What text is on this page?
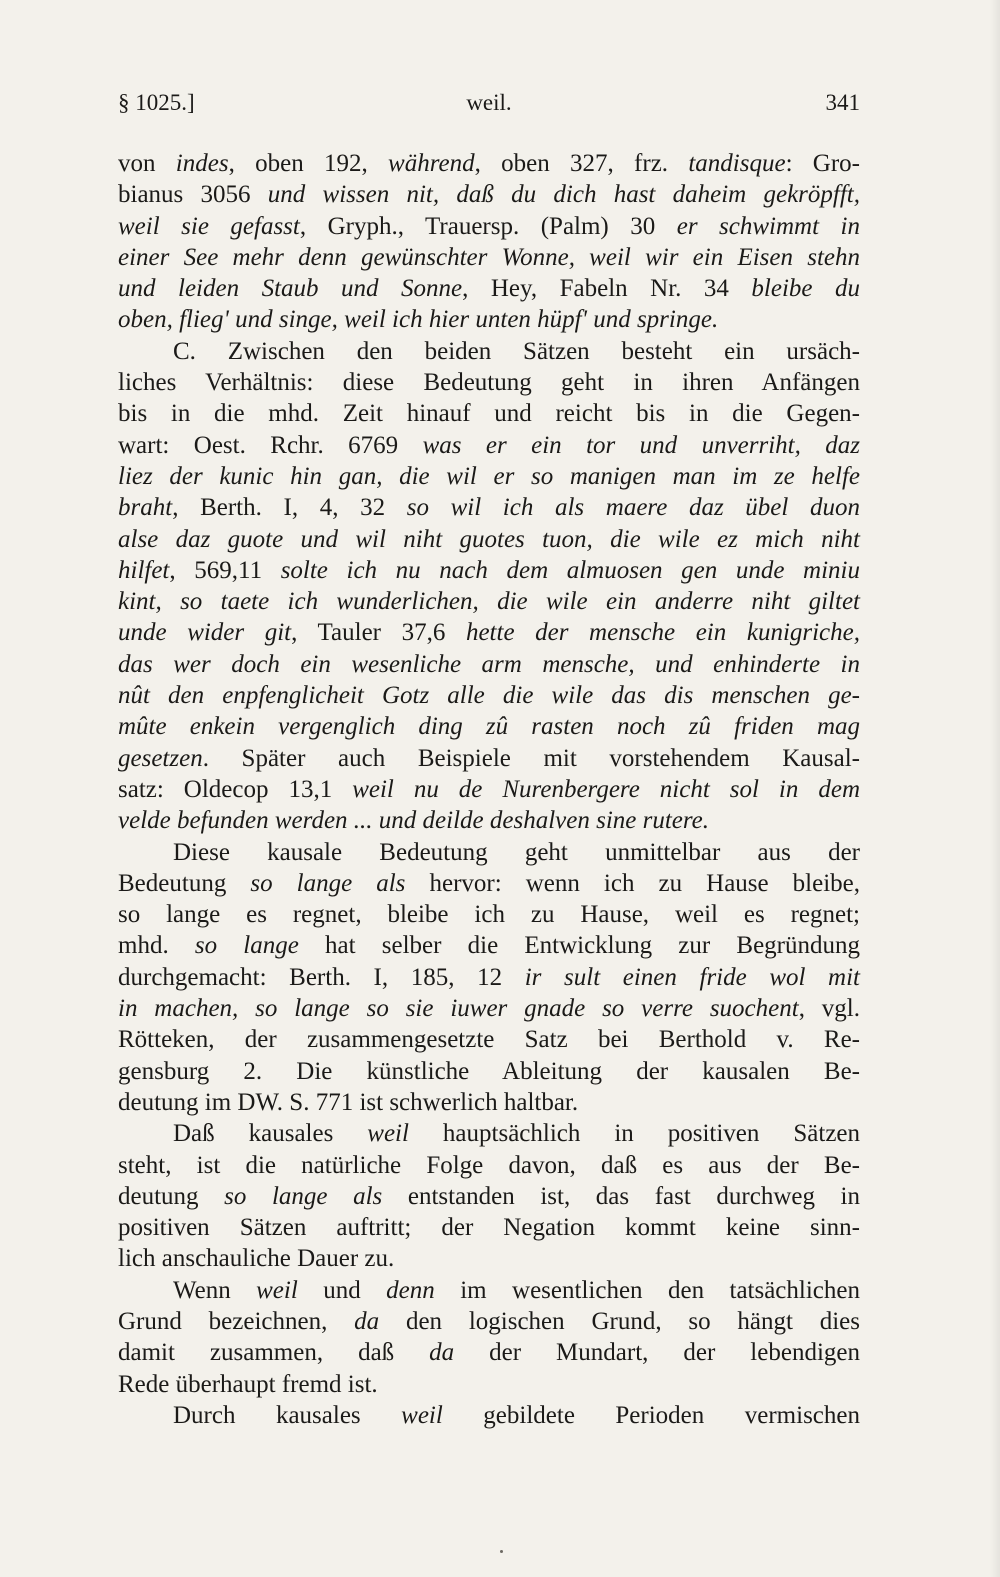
§ 1025.]	weil.	341
von indes, oben 192, während, oben 327, frz. tandisque: Gro-
bianus 3056 und wissen nit, daß du dich hast daheim gekröpfft,
weil sie gefasst, Gryph., Trauersp. (Palm) 30 er schwimmt in
einer See mehr denn gewünschter Wonne, weil wir ein Eisen stehn
und leiden Staub und Sonne, Hey, Fabeln Nr. 34 bleibe du
oben, flieg' und singe, weil ich hier unten hüpf' und springe.
C. Zwischen den beiden Sätzen besteht ein ursäch-
liches Verhältnis: diese Bedeutung geht in ihren Anfängen
bis in die mhd. Zeit hinauf und reicht bis in die Gegen-
wart: Oest. Rchr. 6769 was er ein tor und unverriht, daz
liez der kunic hin gan, die wil er so manigen man im ze helfe
braht, Berth. I, 4, 32 so wil ich als maere daz übel duon
alse daz guote und wil niht guotes tuon, die wile ez mich niht
hilfet, 569,11 solte ich nu nach dem almuosen gen unde miniu
kint, so taete ich wunderlichen, die wile ein anderre niht giltet
unde wider git, Tauler 37,6 hette der mensche ein kunigriche,
das wer doch ein wesenliche arm mensche, und enhinderte in
nût den enpfenglicheit Gotz alle die wile das dis menschen ge-
mûte enkein vergenglich ding zû rasten noch zû friden mag
gesetzen. Später auch Beispiele mit vorstehendem Kausal-
satz: Oldecop 13,1 weil nu de Nurenbergere nicht sol in dem
velde befunden werden ... und deilde deshalven sine rutere.
Diese kausale Bedeutung geht unmittelbar aus der
Bedeutung so lange als hervor: wenn ich zu Hause bleibe,
so lange es regnet, bleibe ich zu Hause, weil es regnet;
mhd. so lange hat selber die Entwicklung zur Begründung
durchgemacht: Berth. I, 185, 12 ir sult einen fride wol mit
in machen, so lange so sie iuwer gnade so verre suochent, vgl.
Rötteken, der zusammengesetzte Satz bei Berthold v. Re-
gensburg 2. Die künstliche Ableitung der kausalen Be-
deutung im DW. S. 771 ist schwerlich haltbar.
Daß kausales weil hauptsächlich in positiven Sätzen
steht, ist die natürliche Folge davon, daß es aus der Be-
deutung so lange als entstanden ist, das fast durchweg in
positiven Sätzen auftritt; der Negation kommt keine sinn-
lich anschauliche Dauer zu.
Wenn weil und denn im wesentlichen den tatsächlichen
Grund bezeichnen, da den logischen Grund, so hängt dies
damit zusammen, daß da der Mundart, der lebendigen
Rede überhaupt fremd ist.
Durch kausales weil gebildete Perioden vermischen
